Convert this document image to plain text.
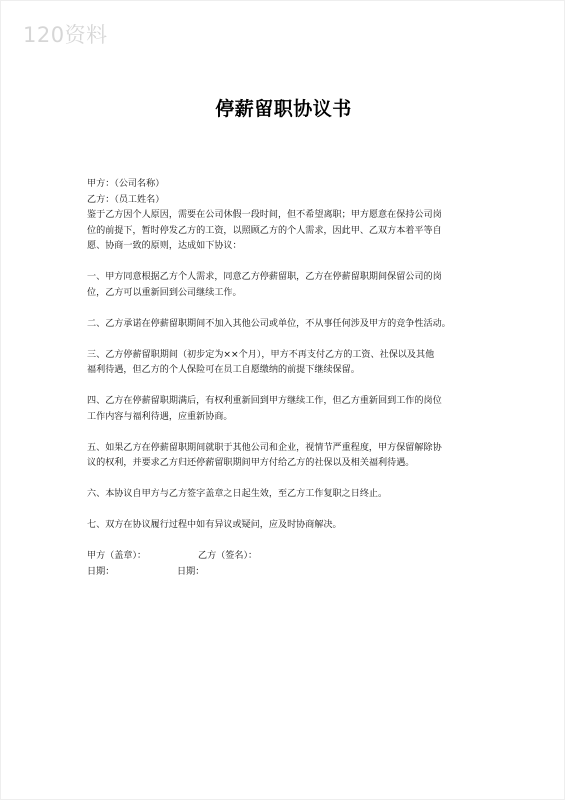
120资料
停薪留职协议书
甲方：（公司名称）
乙方：（员工姓名）
鉴于乙方因个人原因，需要在公司休假一段时间，但不希望离职；甲方愿意在保持公司岗
位的前提下，暂时停发乙方的工资，以照顾乙方的个人需求，因此甲、乙双方本着平等自
愿、协商一致的原则，达成如下协议：
一、甲方同意根据乙方个人需求，同意乙方停薪留职，乙方在停薪留职期间保留公司的岗
位，乙方可以重新回到公司继续工作。
二、乙方承诺在停薪留职期间不加入其他公司或单位，不从事任何涉及甲方的竞争性活动。
三、乙方停薪留职期间（初步定为××个月），甲方不再支付乙方的工资、社保以及其他
福利待遇，但乙方的个人保险可在员工自愿缴纳的前提下继续保留。
四、乙方在停薪留职期满后，有权利重新回到甲方继续工作，但乙方重新回到工作的岗位
工作内容与福利待遇，应重新协商。
五、如果乙方在停薪留职期间就职于其他公司和企业，视情节严重程度，甲方保留解除协
议的权利，并要求乙方归还停薪留职期间甲方付给乙方的社保以及相关福利待遇。
六、本协议自甲方与乙方签字盖章之日起生效，至乙方工作复职之日终止。
七、双方在协议履行过程中如有异议或疑问，应及时协商解决。
甲方（盖章）：	乙方（签名）：
日期：	日期：
